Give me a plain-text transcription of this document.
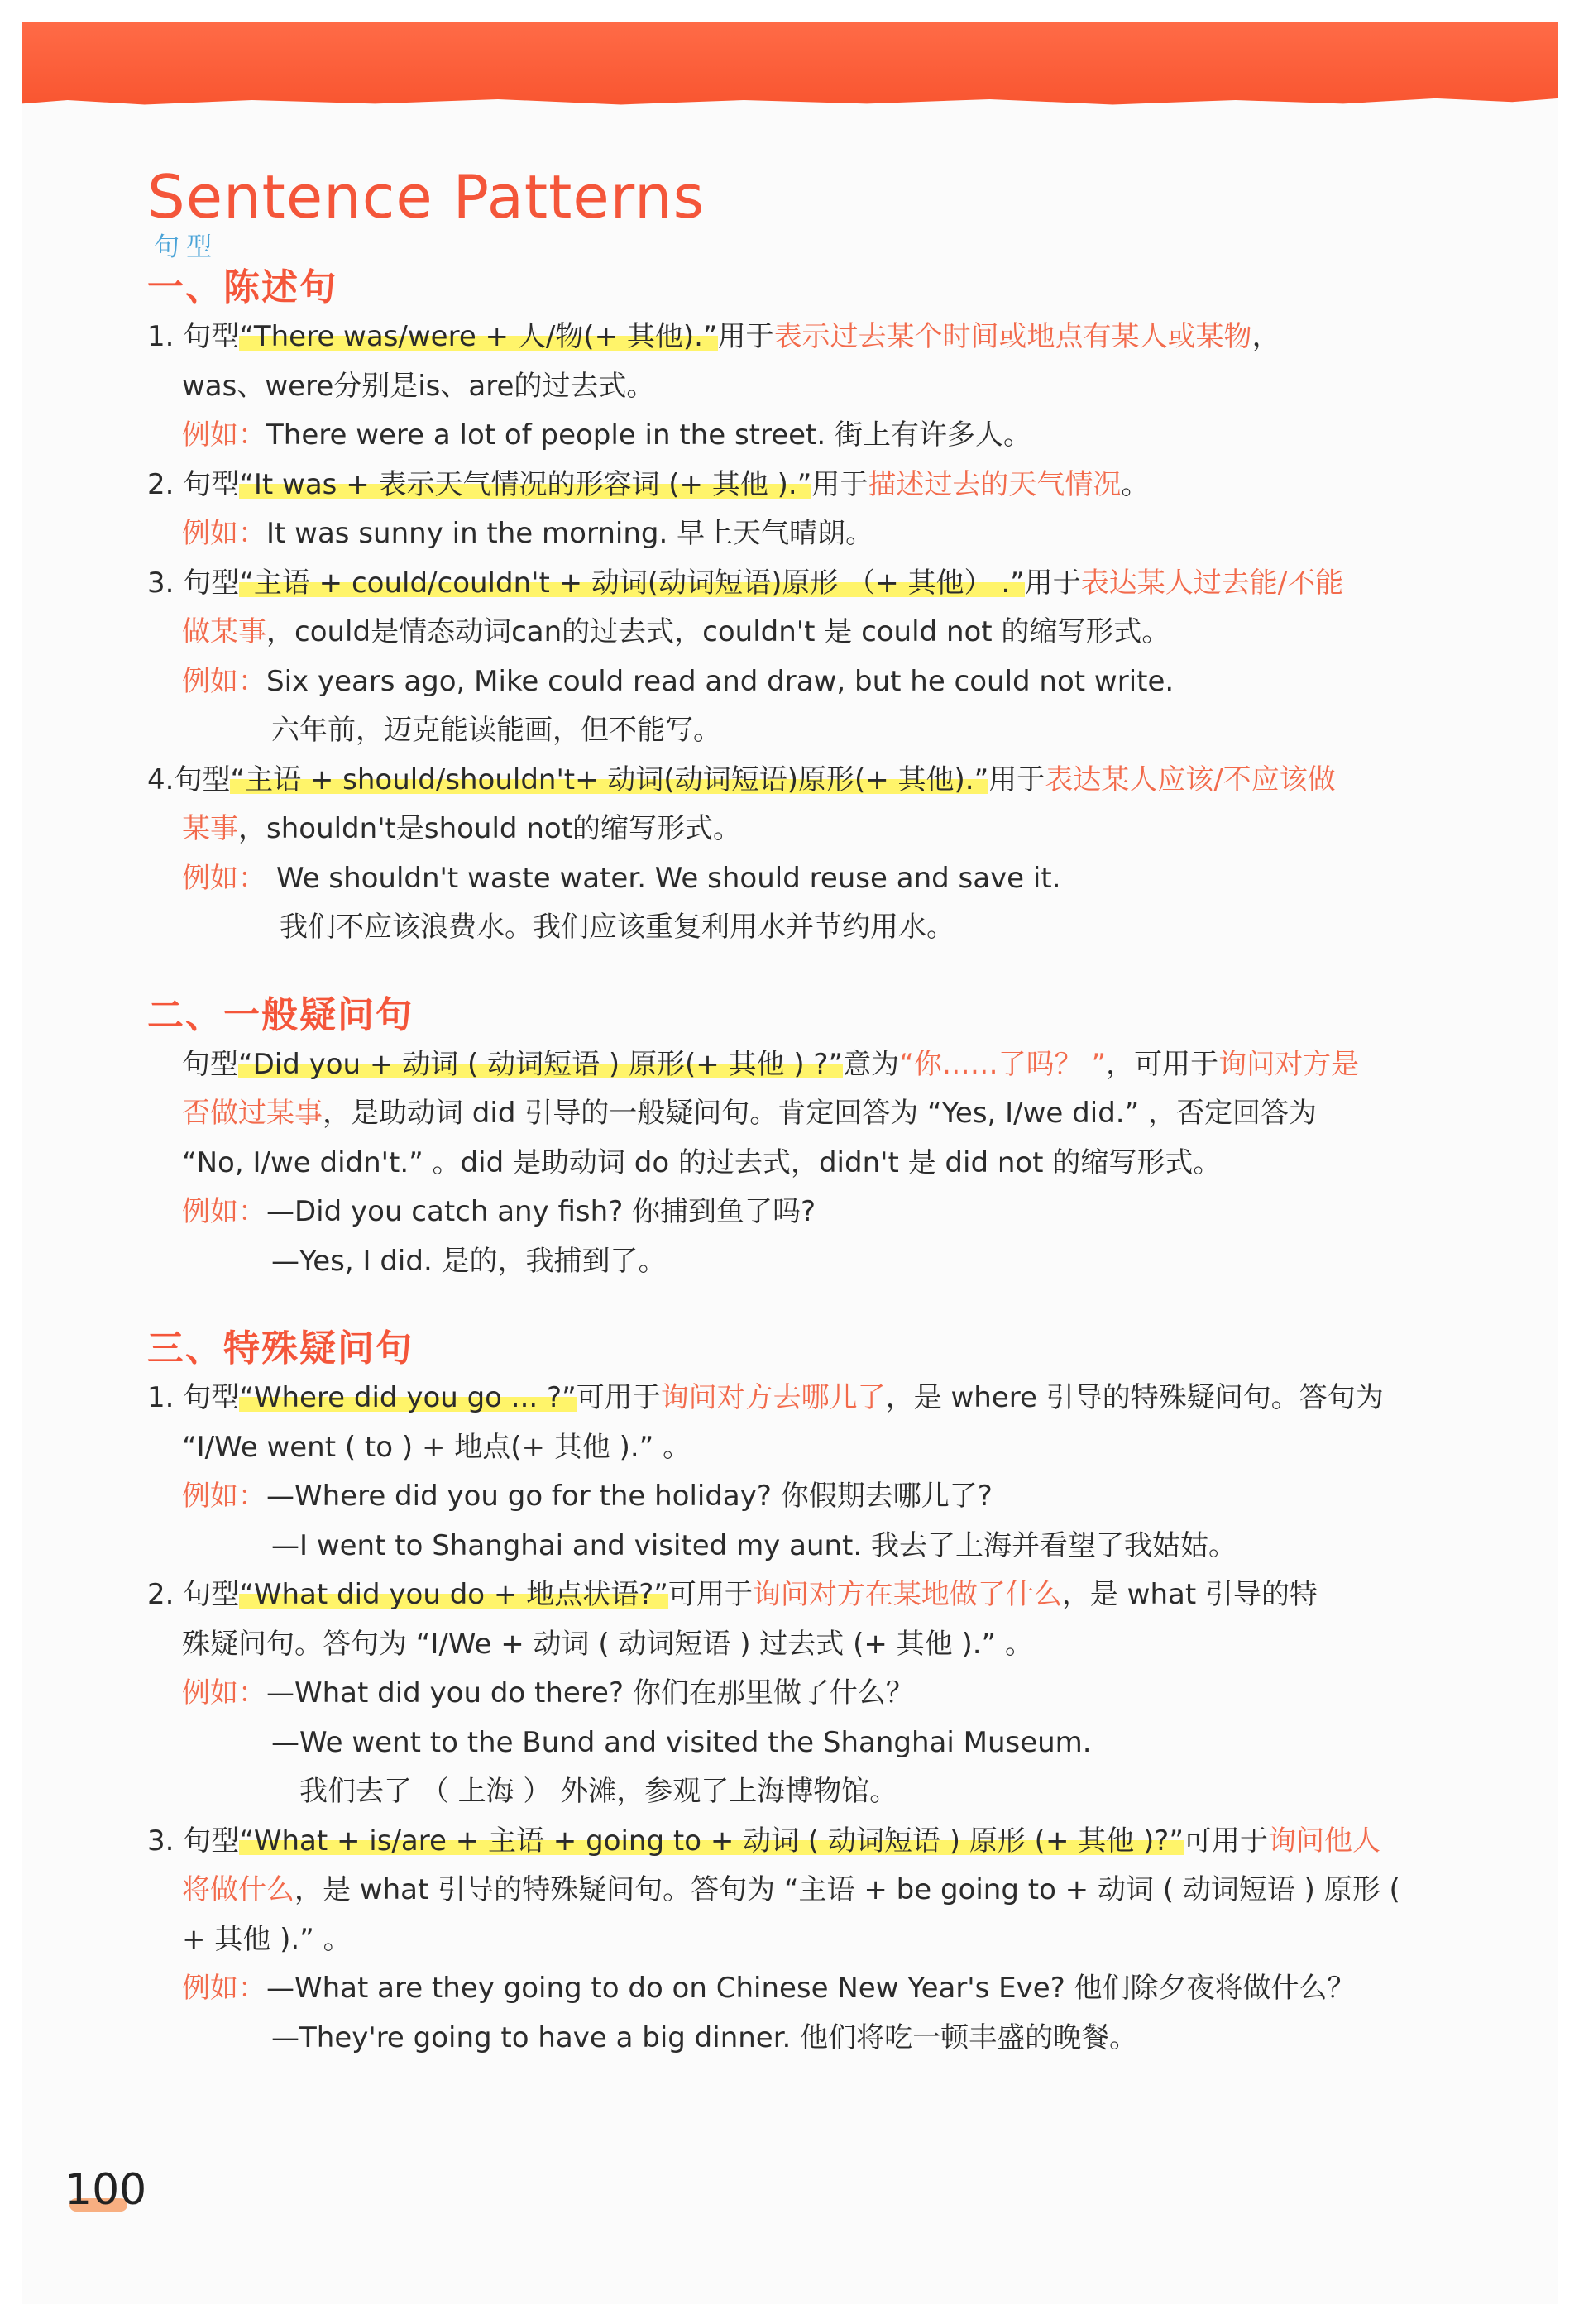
Sentence Patterns
句型
一、陈述句
1. 句型“There was/were + 人/物(+ 其他).”用于表示过去某个时间或地点有某人或某物，
was、were分别是is、are的过去式。
例如：There were a lot of people in the street. 街上有许多人。
2. 句型“It was + 表示天气情况的形容词 (+ 其他 ).”用于描述过去的天气情况。
例如：It was sunny in the morning. 早上天气晴朗。
3. 句型“主语 + could/couldn't + 动词(动词短语)原形 （+ 其他） .”用于表达某人过去能/不能
做某事，could是情态动词can的过去式，couldn't 是 could not 的缩写形式。
例如：Six years ago, Mike could read and draw, but he could not write.
六年前，迈克能读能画，但不能写。
4.句型“主语 + should/shouldn't+ 动词(动词短语)原形(+ 其他).”用于表达某人应该/不应该做
某事，shouldn't是should not的缩写形式。
例如： We shouldn't waste water. We should reuse and save it.
我们不应该浪费水。我们应该重复利用水并节约用水。
二、一般疑问句
句型“Did you + 动词 ( 动词短语 ) 原形(+ 其他 ) ?”意为“你……了吗？ ”，可用于询问对方是
否做过某事，是助动词 did 引导的一般疑问句。肯定回答为 “Yes, I/we did.” ，否定回答为
“No, I/we didn't.” 。did 是助动词 do 的过去式，didn't 是 did not 的缩写形式。
例如：—Did you catch any fish? 你捕到鱼了吗?
—Yes, I did. 是的，我捕到了。
三、特殊疑问句
1. 句型“Where did you go ... ?”可用于询问对方去哪儿了，是 where 引导的特殊疑问句。答句为
“I/We went ( to ) + 地点(+ 其他 ).” 。
例如：—Where did you go for the holiday? 你假期去哪儿了?
—I went to Shanghai and visited my aunt. 我去了上海并看望了我姑姑。
2. 句型“What did you do + 地点状语?”可用于询问对方在某地做了什么，是 what 引导的特
殊疑问句。答句为 “I/We + 动词 ( 动词短语 ) 过去式 (+ 其他 ).” 。
例如：—What did you do there? 你们在那里做了什么？
—We went to the Bund and visited the Shanghai Museum.
我们去了 （ 上海 ） 外滩，参观了上海博物馆。
3. 句型“What + is/are + 主语 + going to + 动词 ( 动词短语 ) 原形 (+ 其他 )?”可用于询问他人
将做什么，是 what 引导的特殊疑问句。答句为 “主语 + be going to + 动词 ( 动词短语 ) 原形 (
+ 其他 ).” 。
例如：—What are they going to do on Chinese New Year's Eve? 他们除夕夜将做什么？
—They're going to have a big dinner. 他们将吃一顿丰盛的晚餐。
100
